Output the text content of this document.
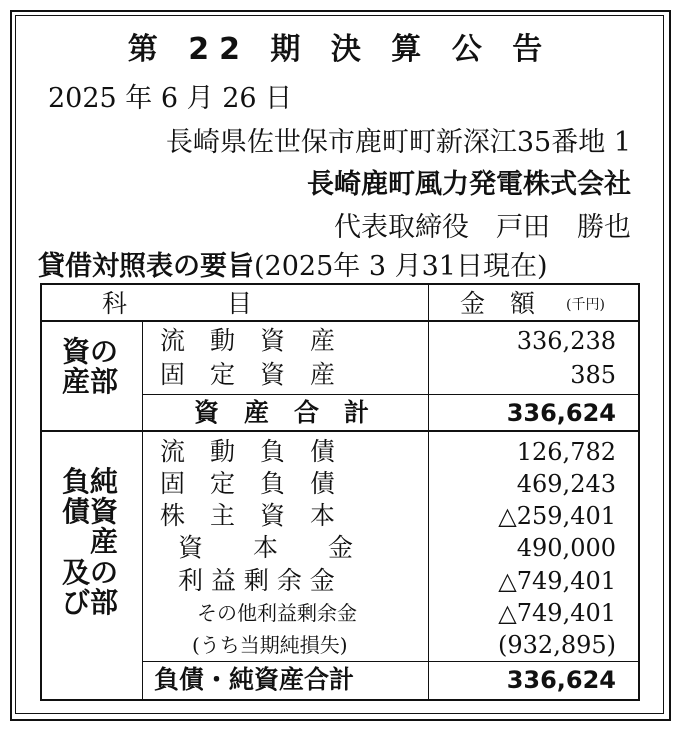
第 22 期 決 算 公 告
2025 年 6 月 26 日
長崎県佐世保市鹿町町新深江35番地 1
長崎鹿町風力発電株式会社
代表取締役　戸田　勝也
貸借対照表の要旨(2025年 3 月31日現在)
科　　　　目	金　額 (千円)
資の
産部
流　動　資　産	336,238
固　定　資　産	385
資　産　合　計	336,624
負純
債資
　産
及の
び部
流　動　負　債	126,782
固　定　負　債	469,243
株　主　資　本	△259,401
資　　本　　金	490,000
利 益 剰 余 金	△749,401
その他利益剰余金	△749,401
(うち当期純損失)	(932,895)
負債・純資産合計	336,624
